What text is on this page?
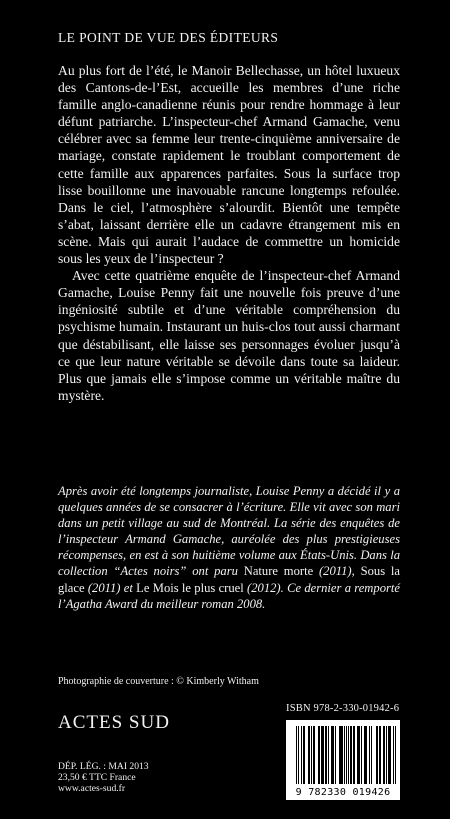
LE POINT DE VUE DES ÉDITEURS

Au plus fort de l’été, le Manoir Bellechasse, un hôtel luxueux des Cantons-de-l’Est, accueille les membres d’une riche famille anglo-canadienne réunis pour rendre hommage à leur défunt patriarche. L’inspecteur-chef Armand Gamache, venu célébrer avec sa femme leur trente-cinquième anniversaire de mariage, constate rapidement le troublant comportement de cette famille aux apparences parfaites. Sous la surface trop lisse bouillonne une inavouable rancune longtemps refoulée. Dans le ciel, l’atmosphère s’alourdit. Bientôt une tempête s’abat, laissant derrière elle un cadavre étrangement mis en scène. Mais qui aurait l’audace de commettre un homicide sous les yeux de l’inspecteur ?

Avec cette quatrième enquête de l’inspecteur-chef Armand Gamache, Louise Penny fait une nouvelle fois preuve d’une ingéniosité subtile et d’une véritable compréhension du psychisme humain. Instaurant un huis-clos tout aussi charmant que déstabilisant, elle laisse ses personnages évoluer jusqu’à ce que leur nature véritable se dévoile dans toute sa laideur. Plus que jamais elle s’impose comme un véritable maître du mystère.

Après avoir été longtemps journaliste, Louise Penny a décidé il y a quelques années de se consacrer à l’écriture. Elle vit avec son mari dans un petit village au sud de Montréal. La série des enquêtes de l’inspecteur Armand Gamache, auréolée des plus prestigieuses récompenses, en est à son huitième volume aux États-Unis. Dans la collection “Actes noirs” ont paru Nature morte (2011), Sous la glace (2011) et Le Mois le plus cruel (2012). Ce dernier a remporté l’Agatha Award du meilleur roman 2008.
Photographie de couverture : © Kimberly Witham
ISBN 978-2-330-01942-6
ACTES SUD
DÉP. LÉG. : MAI 2013
23,50 € TTC France
www.actes-sud.fr	9 782330 019426
